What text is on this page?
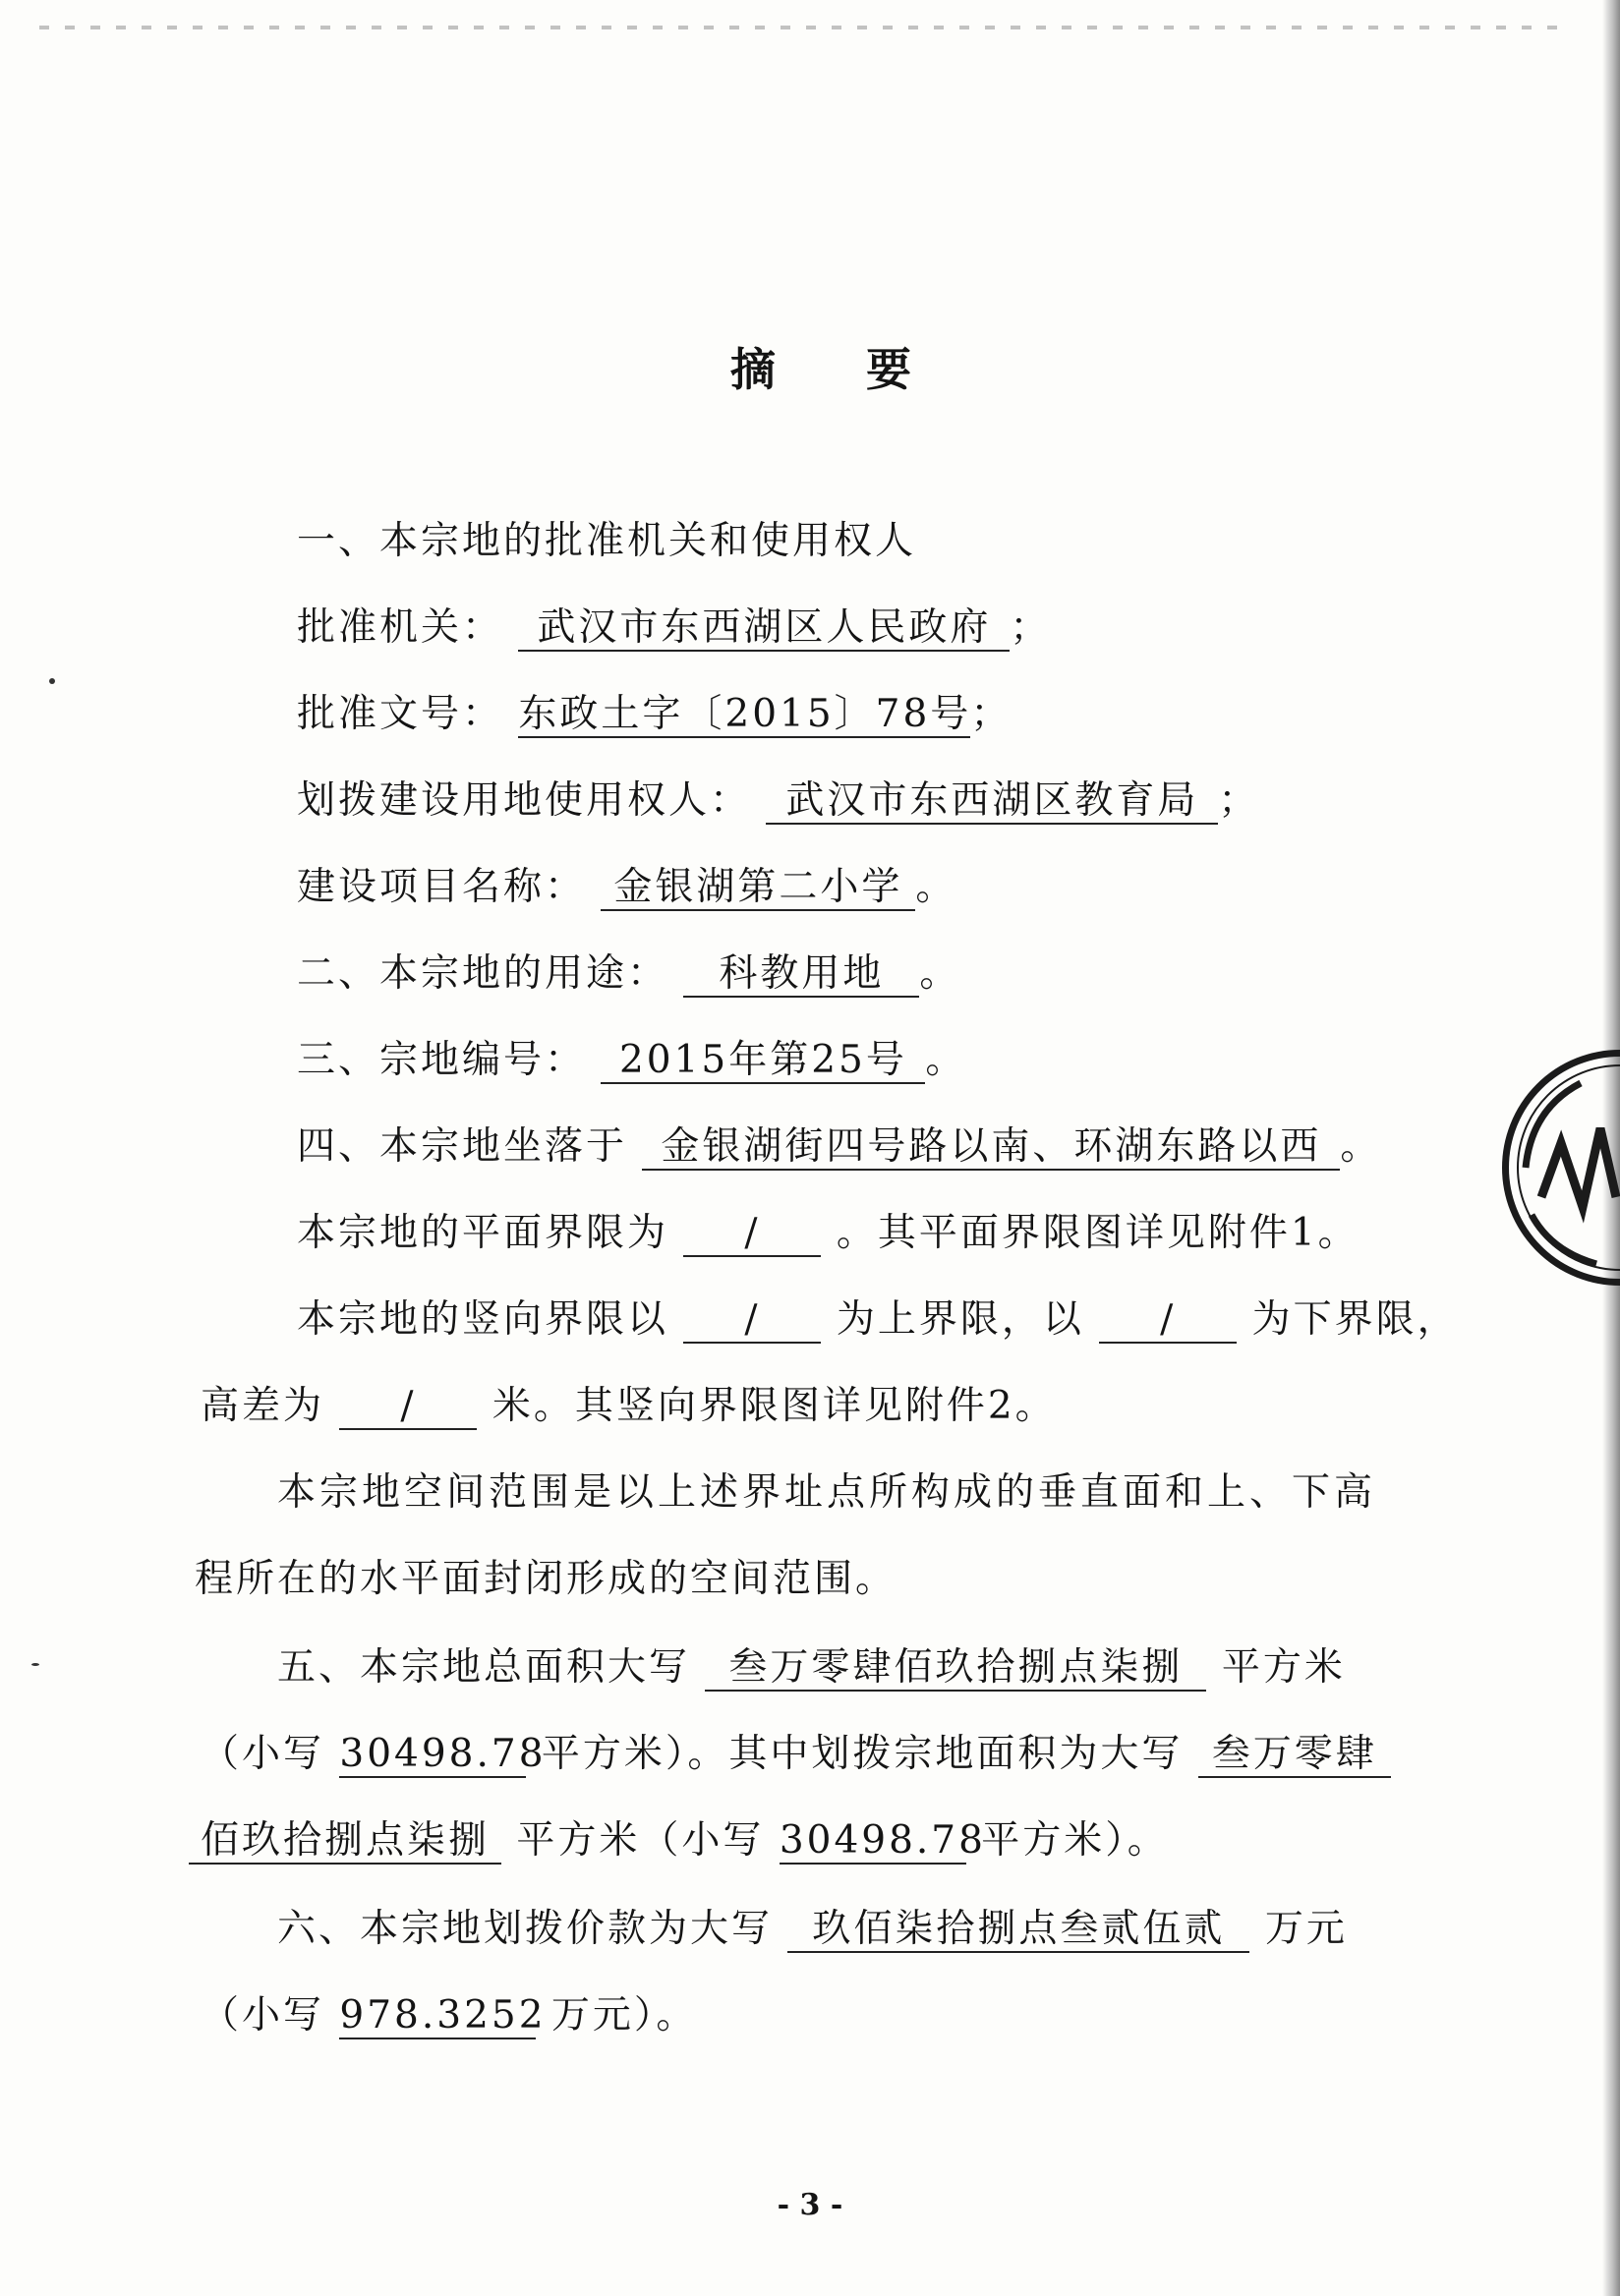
摘 要
一、本宗地的批准机关和使用权人
批准机关： 武汉市东西湖区人民政府 ；
批准文号： 东政土字〔2015〕78号；
划拨建设用地使用权人： 武汉市东西湖区教育局 ；
建设项目名称： 金银湖第二小学 。
二、本宗地的用途： 科教用地 。
三、宗地编号： 2015年第25号 。
四、本宗地坐落于 金银湖街四号路以南、环湖东路以西 。
本宗地的平面界限为 / 。其平面界限图详见附件1。
本宗地的竖向界限以 / 为上界限，以 / 为下界限，
高差为 / 米。其竖向界限图详见附件2。
本宗地空间范围是以上述界址点所构成的垂直面和上、下高
程所在的水平面封闭形成的空间范围。
五、本宗地总面积大写 叁万零肆佰玖拾捌点柒捌 平方米
（小写 30498.78 平方米）。其中划拨宗地面积为大写 叁万零肆
佰玖拾捌点柒捌 平方米（小写 30498.78 平方米）。
六、本宗地划拨价款为大写 玖佰柒拾捌点叁贰伍贰 万元
（小写 978.3252 万元）。
- 3 -
